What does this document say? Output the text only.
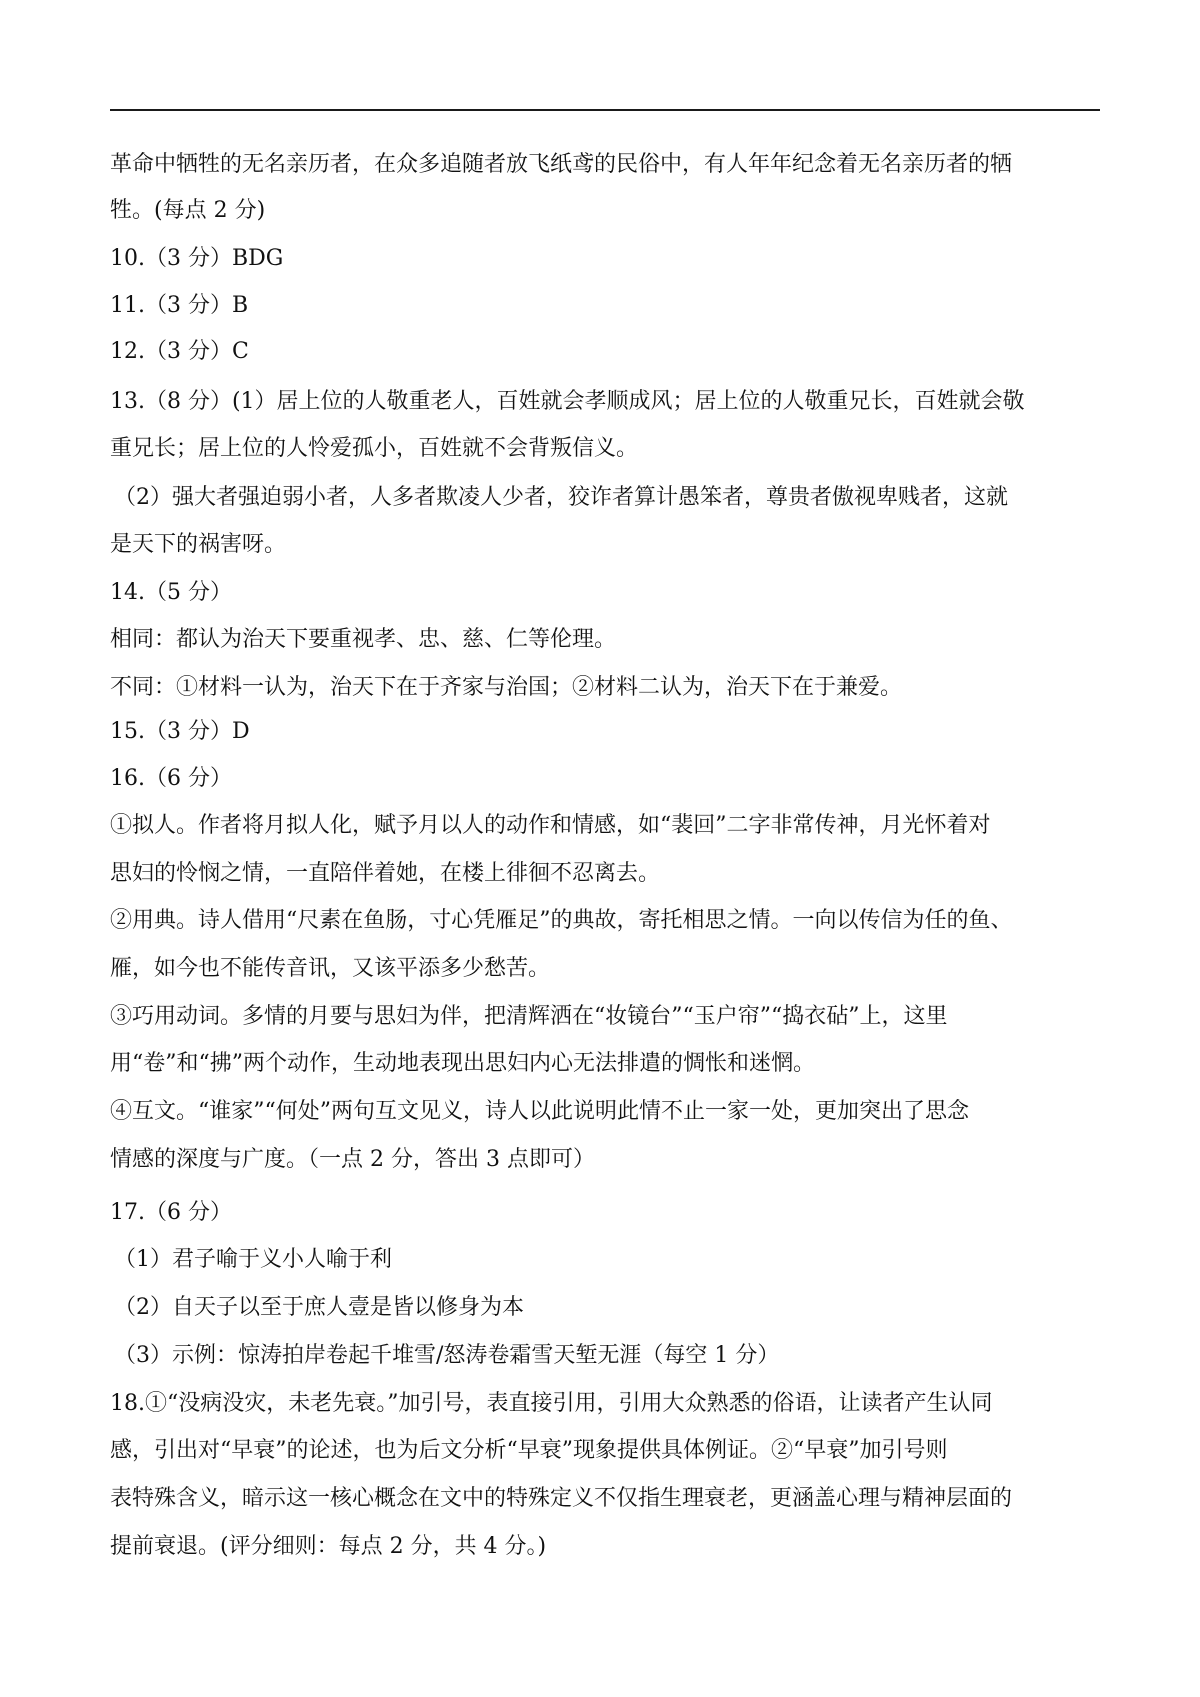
革命中牺牲的无名亲历者，在众多追随者放飞纸鸢的民俗中，有人年年纪念着无名亲历者的牺
牲。(每点 2 分)
10.（3 分）BDG
11.（3 分）B
12.（3 分）C
13.（8 分）(1）居上位的人敬重老人，百姓就会孝顺成风；居上位的人敬重兄长，百姓就会敬
重兄长；居上位的人怜爱孤小，百姓就不会背叛信义。
（2）强大者强迫弱小者，人多者欺凌人少者，狡诈者算计愚笨者，尊贵者傲视卑贱者，这就
是天下的祸害呀。
14.（5 分）
相同：都认为治天下要重视孝、忠、慈、仁等伦理。
不同：①材料一认为，治天下在于齐家与治国；②材料二认为，治天下在于兼爱。
15.（3 分）D
16.（6 分）
①拟人。作者将月拟人化，赋予月以人的动作和情感，如“裴回”二字非常传神，月光怀着对
思妇的怜悯之情，一直陪伴着她，在楼上徘徊不忍离去。
②用典。诗人借用“尺素在鱼肠，寸心凭雁足”的典故，寄托相思之情。一向以传信为任的鱼、
雁，如今也不能传音讯，又该平添多少愁苦。
③巧用动词。多情的月要与思妇为伴，把清辉洒在“妆镜台”“玉户帘”“捣衣砧”上，这里
用“卷”和“拂”两个动作，生动地表现出思妇内心无法排遣的惆怅和迷惘。
④互文。“谁家”“何处”两句互文见义，诗人以此说明此情不止一家一处，更加突出了思念
情感的深度与广度。（一点 2 分，答出 3 点即可）
17.（6 分）
（1）君子喻于义小人喻于利
（2）自天子以至于庶人壹是皆以修身为本
（3）示例：惊涛拍岸卷起千堆雪/怒涛卷霜雪天堑无涯（每空 1 分）
18.①“没病没灾，未老先衰。”加引号，表直接引用，引用大众熟悉的俗语，让读者产生认同
感，引出对“早衰”的论述，也为后文分析“早衰”现象提供具体例证。②“早衰”加引号则
表特殊含义，暗示这一核心概念在文中的特殊定义不仅指生理衰老，更涵盖心理与精神层面的
提前衰退。(评分细则：每点 2 分，共 4 分。)
